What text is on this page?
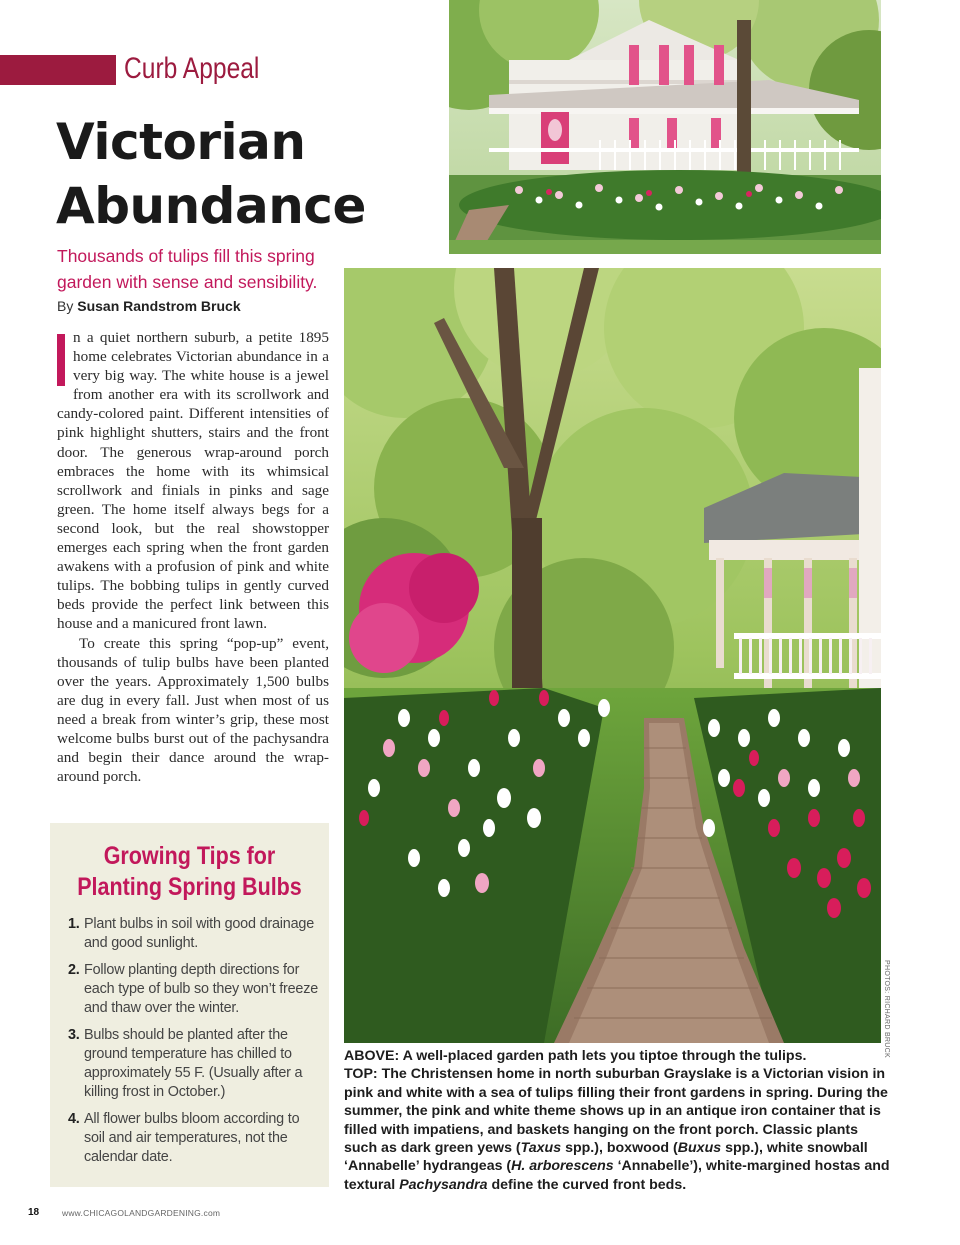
Curb Appeal
Victorian
Abundance
Thousands of tulips fill this spring garden with sense and sensibility.
By Susan Randstrom Bruck

n a quiet northern suburb, a petite 1895 home celebrates Victorian abundance in a very big way. The white house is a jewel from another era with its scrollwork and candy-colored paint. Different intensities of pink highlight shutters, stairs and the front door. The generous wrap-around porch embraces the home with its whimsical scrollwork and finials in pinks and sage green. The home itself always begs for a second look, but the real showstopper emerges each spring when the front garden awakens with a profusion of pink and white tulips. The bobbing tulips in gently curved beds provide the perfect link between this house and a manicured front lawn.

To create this spring “pop-up” event, thousands of tulip bulbs have been planted over the years. Approximately 1,500 bulbs are dug in every fall. Just when most of us need a break from winter’s grip, these most welcome bulbs burst out of the pachysandra and begin their dance around the wrap-around porch.

Growing Tips for
Planting Spring Bulbs
1. Plant bulbs in soil with good drainage and good sunlight.
2. Follow planting depth directions for each type of bulb so they won’t freeze and thaw over the winter.
3. Bulbs should be planted after the ground temperature has chilled to approximately 55 F. (Usually after a killing frost in October.)
4. All flower bulbs bloom according to soil and air temperatures, not the calendar date.
PHOTOS: RICHARD BRUCK

ABOVE: A well-placed garden path lets you tiptoe through the tulips.

TOP: The Christensen home in north suburban Grayslake is a Victorian vision in pink and white with a sea of tulips filling their front gardens in spring. During the summer, the pink and white theme shows up in an antique iron container that is filled with impatiens, and baskets hanging on the front porch. Classic plants such as dark green yews (Taxus spp.), boxwood (Buxus spp.), white snowball ‘Annabelle’ hydrangeas (H. arborescens ‘Annabelle’), white-margined hostas and textural Pachysandra define the curved front beds.

18	www.CHICAGOLANDGARDENING.com
